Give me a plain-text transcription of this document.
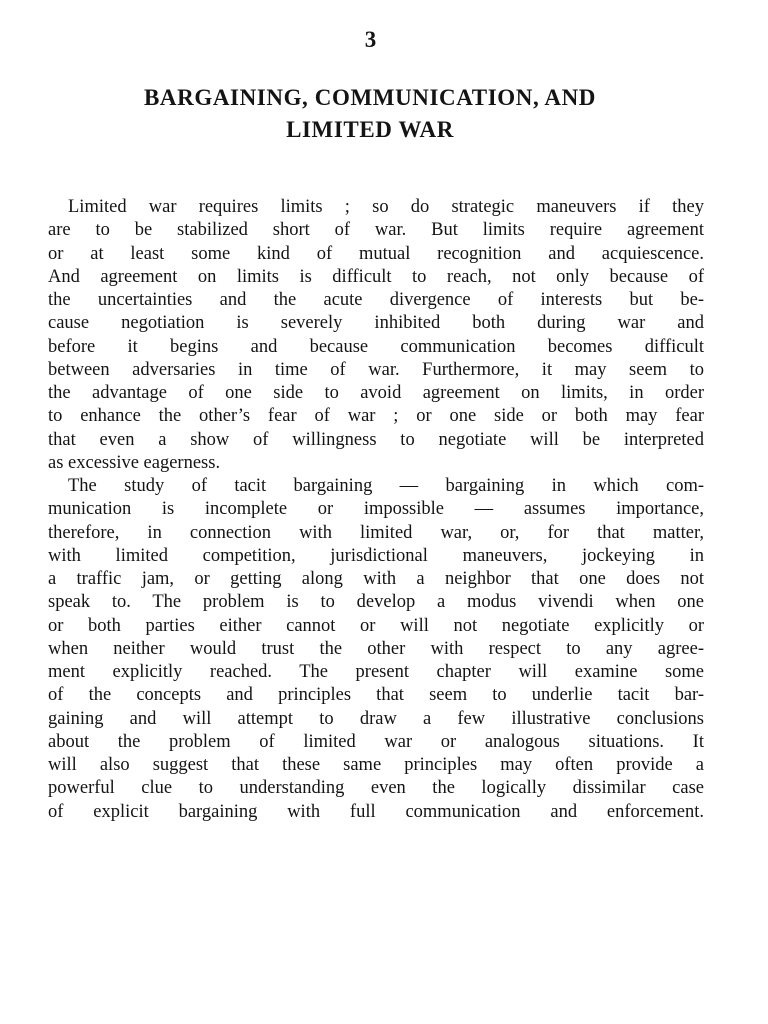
3
BARGAINING, COMMUNICATION, AND
LIMITED WAR
Limited war requires limits ; so do strategic maneuvers if they
are to be stabilized short of war. But limits require agreement
or at least some kind of mutual recognition and acquiescence.
And agreement on limits is difficult to reach, not only because of
the uncertainties and the acute divergence of interests but be-
cause negotiation is severely inhibited both during war and
before it begins and because communication becomes difficult
between adversaries in time of war. Furthermore, it may seem to
the advantage of one side to avoid agreement on limits, in order
to enhance the other’s fear of war ; or one side or both may fear
that even a show of willingness to negotiate will be interpreted
as excessive eagerness.
The study of tacit bargaining — bargaining in which com-
munication is incomplete or impossible — assumes importance,
therefore, in connection with limited war, or, for that matter,
with limited competition, jurisdictional maneuvers, jockeying in
a traffic jam, or getting along with a neighbor that one does not
speak to. The problem is to develop a modus vivendi when one
or both parties either cannot or will not negotiate explicitly or
when neither would trust the other with respect to any agree-
ment explicitly reached. The present chapter will examine some
of the concepts and principles that seem to underlie tacit bar-
gaining and will attempt to draw a few illustrative conclusions
about the problem of limited war or analogous situations. It
will also suggest that these same principles may often provide a
powerful clue to understanding even the logically dissimilar case
of explicit bargaining with full communication and enforcement.
